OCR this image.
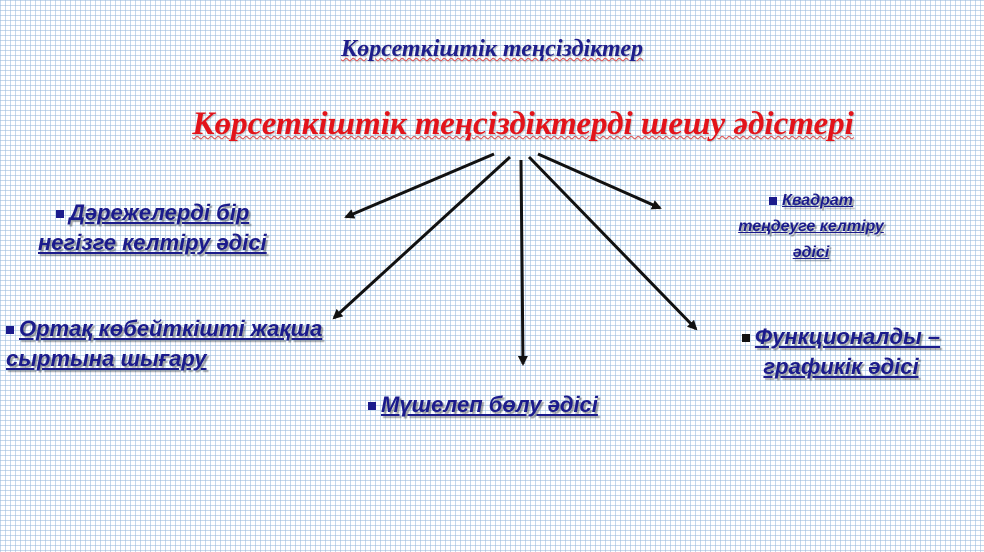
Көрсеткіштік теңсіздіктер
Көрсеткіштік теңсіздіктерді шешу әдістері
Дәрежелерді бір негізге келтіру әдісі
Ортақ көбейткішті жақша сыртына шығару
Мүшелеп бөлу әдісі
Квадрат теңдеуге келтіру әдісі
Функционалды – графикік әдісі
